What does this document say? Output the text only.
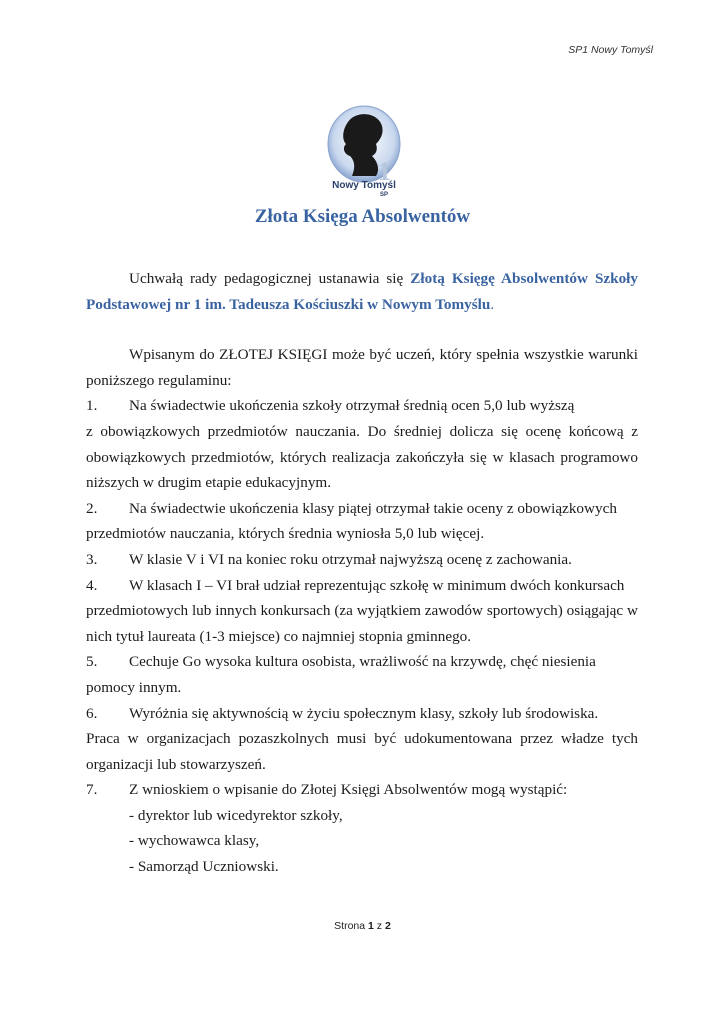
SP1 Nowy Tomyśl
1
Nowy Tomyśl
SP
Złota Księga Absolwentów

Uchwałą rady pedagogicznej ustanawia się Złotą Księgę Absolwentów Szkoły Podstawowej nr 1 im. Tadeusza Kościuszki w Nowym Tomyślu.

Wpisanym do ZŁOTEJ KSIĘGI może być uczeń, który spełnia wszystkie warunki poniższego regulaminu:

1.	Na świadectwie ukończenia szkoły otrzymał średnią ocen 5,0 lub wyższą
z obowiązkowych przedmiotów nauczania. Do średniej dolicza się ocenę końcową z obowiązkowych przedmiotów, których realizacja zakończyła się w klasach programowo niższych w drugim etapie edukacyjnym.
2.	Na świadectwie ukończenia klasy piątej otrzymał takie oceny z obowiązkowych
przedmiotów nauczania, których średnia wyniosła 5,0 lub więcej.
3.	W klasie V i VI na koniec roku otrzymał najwyższą ocenę z zachowania.
4.	W klasach I – VI brał udział reprezentując szkołę w minimum dwóch konkursach
przedmiotowych lub innych konkursach (za wyjątkiem zawodów sportowych) osiągając w nich tytuł laureata (1-3 miejsce) co najmniej stopnia gminnego.
5.	Cechuje Go wysoka kultura osobista, wrażliwość na krzywdę, chęć niesienia
pomocy innym.
6.	Wyróżnia się aktywnością w życiu społecznym klasy, szkoły lub środowiska.
Praca w organizacjach pozaszkolnych musi być udokumentowana przez władze tych organizacji lub stowarzyszeń.
7.	Z wnioskiem o wpisanie do Złotej Księgi Absolwentów mogą wystąpić:
- dyrektor lub wicedyrektor szkoły,
- wychowawca klasy,
- Samorząd Uczniowski.
Strona 1 z 2
